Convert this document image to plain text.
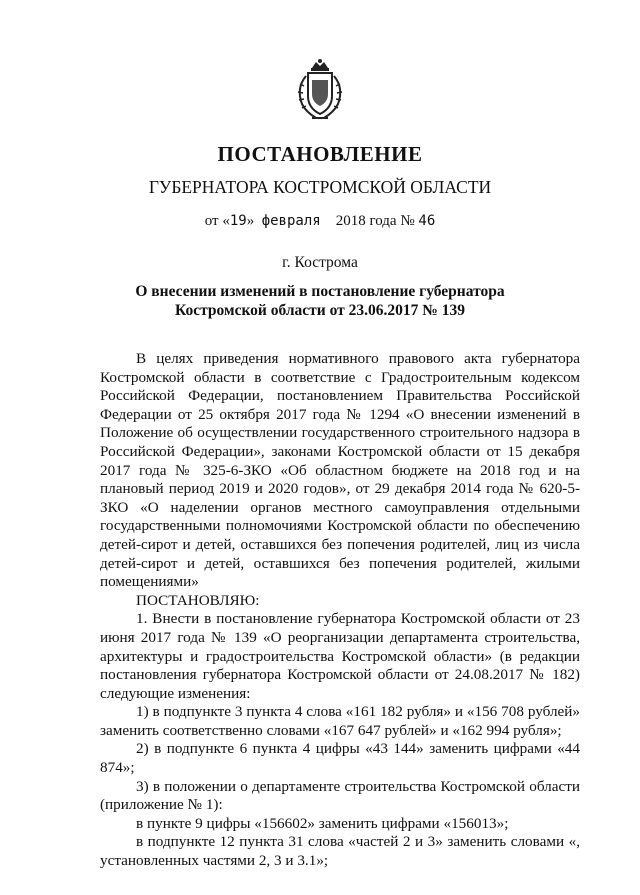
ПОСТАНОВЛЕНИЕ
ГУБЕРНАТОРА КОСТРОМСКОЙ ОБЛАСТИ
от «19» февраля 2018 года № 46
г. Кострома
О внесении изменений в постановление губернатора
Костромской области от 23.06.2017 № 139

В целях приведения нормативного правового акта губернатора Костромской области в соответствие с Градостроительным кодексом Российской Федерации, постановлением Правительства Российской Федерации от 25 октября 2017 года № 1294 «О внесении изменений в Положение об осуществлении государственного строительного надзора в Российской Федерации», законами Костромской области от 15 декабря 2017 года № 325-6-ЗКО «Об областном бюджете на 2018 год и на плановый период 2019 и 2020 годов», от 29 декабря 2014 года № 620-5-ЗКО «О наделении органов местного самоуправления отдельными государственными полномочиями Костромской области по обеспечению детей-сирот и детей, оставшихся без попечения родителей, лиц из числа детей-сирот и детей, оставшихся без попечения родителей, жилыми помещениями»

ПОСТАНОВЛЯЮ:

1. Внести в постановление губернатора Костромской области от 23 июня 2017 года № 139 «О реорганизации департамента строительства, архитектуры и градостроительства Костромской области» (в редакции постановления губернатора Костромской области от 24.08.2017 № 182) следующие изменения:

1) в подпункте 3 пункта 4 слова «161 182 рубля» и «156 708 рублей» заменить соответственно словами «167 647 рублей» и «162 994 рубля»;

2) в подпункте 6 пункта 4 цифры «43 144» заменить цифрами «44 874»;

3) в положении о департаменте строительства Костромской области (приложение № 1):

в пункте 9 цифры «156602» заменить цифрами «156013»;

в подпункте 12 пункта 31 слова «частей 2 и 3» заменить словами «, установленных частями 2, 3 и 3.1»;
